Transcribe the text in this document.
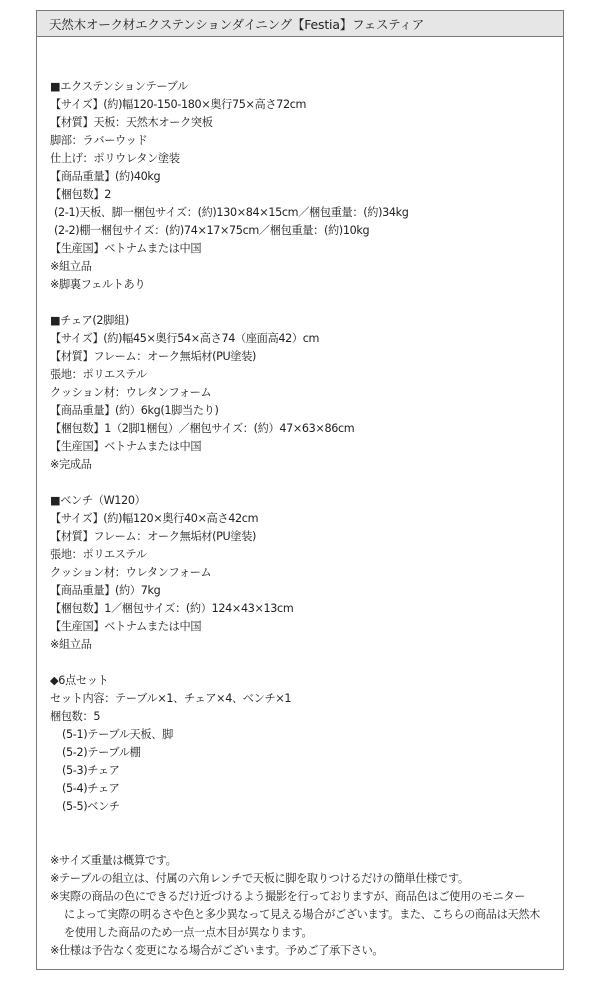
天然木オーク材エクステンションダイニング【Festia】フェスティア
■エクステンションテーブル
【サイズ】(約)幅120-150-180×奥行75×高さ72cm
【材質】天板：天然木オーク突板
脚部：ラバーウッド
仕上げ：ポリウレタン塗装
【商品重量】(約)40kg
【梱包数】2
(2-1)天板、脚一梱包サイズ：(約)130×84×15cm／梱包重量：(約)34kg
(2-2)棚一梱包サイズ：(約)74×17×75cm／梱包重量：(約)10kg
【生産国】ベトナムまたは中国
※組立品
※脚裏フェルトあり
■チェア(2脚組)
【サイズ】(約)幅45×奥行54×高さ74（座面高42）cm
【材質】フレーム：オーク無垢材(PU塗装)
張地：ポリエステル
クッション材：ウレタンフォーム
【商品重量】(約）6kg(1脚当たり)
【梱包数】1（2脚1梱包）／梱包サイズ：(約）47×63×86cm
【生産国】ベトナムまたは中国
※完成品
■ベンチ（W120）
【サイズ】(約)幅120×奥行40×高さ42cm
【材質】フレーム：オーク無垢材(PU塗装)
張地：ポリエステル
クッション材：ウレタンフォーム
【商品重量】(約）7kg
【梱包数】1／梱包サイズ：(約）124×43×13cm
【生産国】ベトナムまたは中国
※組立品
◆6点セット
セット内容：テーブル×1、チェア×4、ベンチ×1
梱包数：5
(5-1)テーブル天板、脚
(5-2)テーブル棚
(5-3)チェア
(5-4)チェア
(5-5)ベンチ
※サイズ重量は概算です。
※テーブルの組立は、付属の六角レンチで天板に脚を取りつけるだけの簡単仕様です。
※実際の商品の色にできるだけ近づけるよう撮影を行っておりますが、商品色はご使用のモニター
によって実際の明るさや色と多少異なって見える場合がございます。また、こちらの商品は天然木
を使用した商品のため一点一点木目が異なります。
※仕様は予告なく変更になる場合がございます。予めご了承下さい。
